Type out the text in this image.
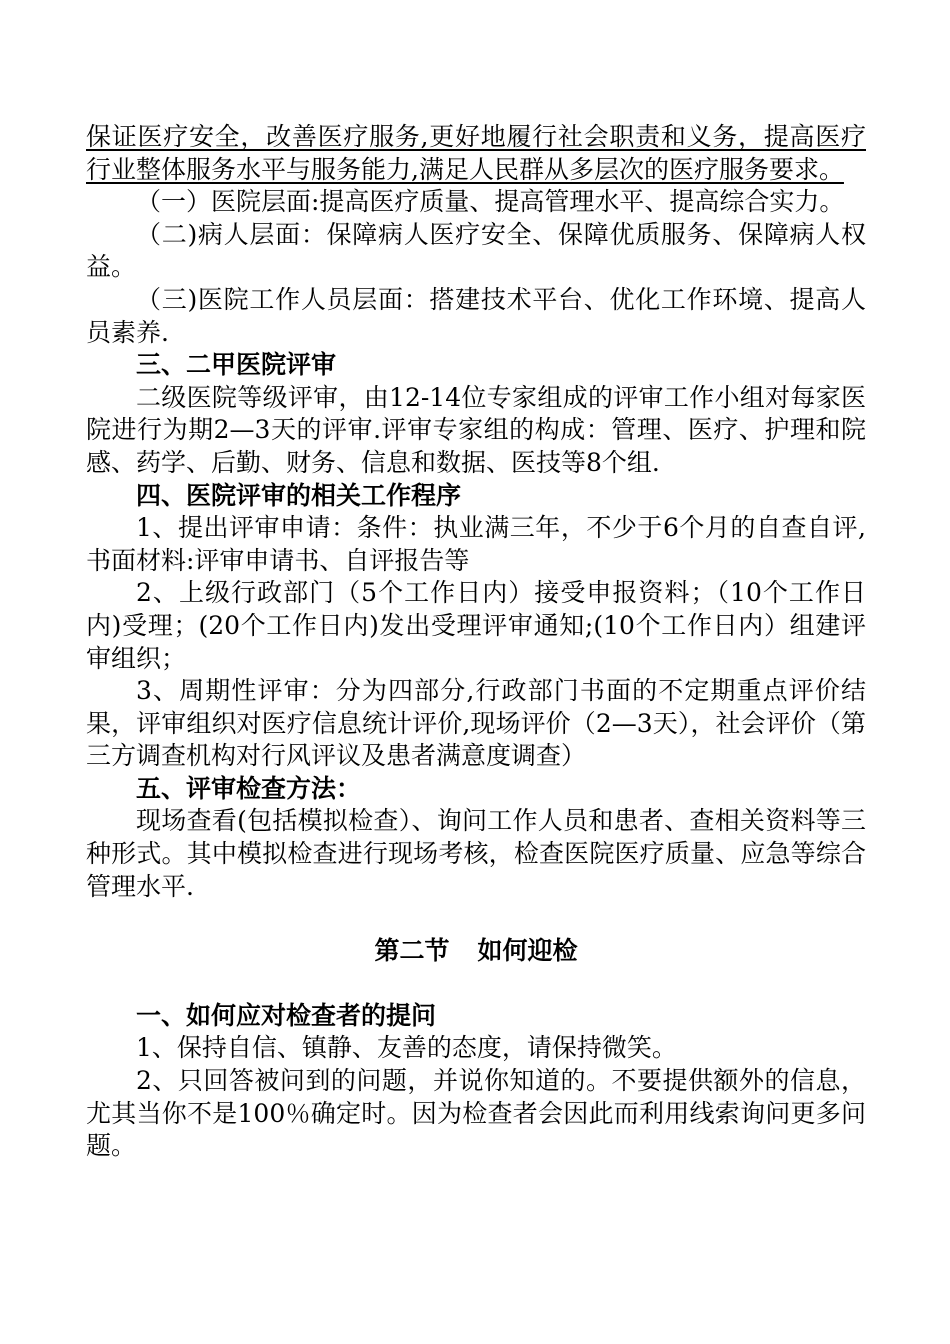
保证医疗安全，改善医疗服务,更好地履行社会职责和义务，提高医疗行业整体服务水平与服务能力,满足人民群从多层次的医疗服务要求。

（一）医院层面:提高医疗质量、提高管理水平、提高综合实力。

（二)病人层面：保障病人医疗安全、保障优质服务、保障病人权益。

（三)医院工作人员层面：搭建技术平台、优化工作环境、提高人员素养.

三、二甲医院评审

二级医院等级评审，由12-14位专家组成的评审工作小组对每家医院进行为期2—3天的评审.评审专家组的构成：管理、医疗、护理和院感、药学、后勤、财务、信息和数据、医技等8个组.

四、医院评审的相关工作程序

1、提出评审申请：条件：执业满三年，不少于6个月的自查自评,书面材料:评审申请书、自评报告等

2、上级行政部门（5个工作日内）接受申报资料；（10个工作日内)受理；(20个工作日内)发出受理评审通知;(10个工作日内）组建评审组织；

3、周期性评审：分为四部分,行政部门书面的不定期重点评价结果，评审组织对医疗信息统计评价,现场评价（2—3天），社会评价（第三方调查机构对行风评议及患者满意度调查）

五、评审检查方法：

现场查看(包括模拟检查）、询问工作人员和患者、查相关资料等三种形式。其中模拟检查进行现场考核，检查医院医疗质量、应急等综合管理水平.

第二节 如何迎检

一、如何应对检查者的提问

1、保持自信、镇静、友善的态度，请保持微笑。

2、只回答被问到的问题，并说你知道的。不要提供额外的信息，尤其当你不是100％确定时。因为检查者会因此而利用线索询问更多问题。
